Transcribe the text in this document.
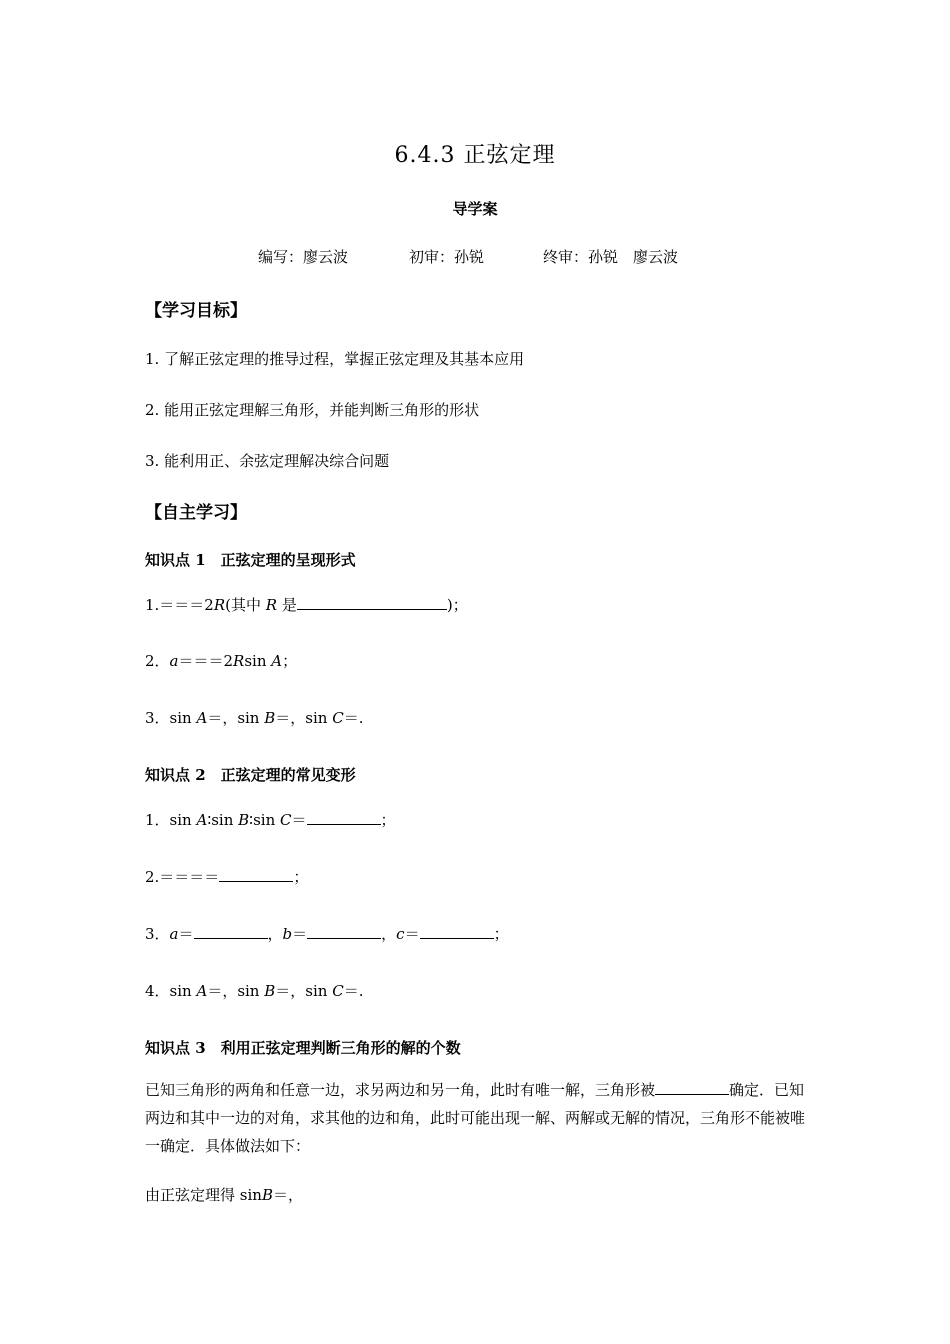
6.4.3 正弦定理
导学案
编写：廖云波	初审：孙锐	终审：孙锐　廖云波
【学习目标】
1. 了解正弦定理的推导过程，掌握正弦定理及其基本应用
2. 能用正弦定理解三角形，并能判断三角形的形状
3. 能利用正、余弦定理解决综合问题
【自主学习】
知识点 1　正弦定理的呈现形式
1.＝＝＝2R(其中 R 是	)；
2．a＝＝＝2Rsin A；
3．sin A＝，sin B＝，sin C＝.
知识点 2　正弦定理的常见变形
1．sin A∶sin B∶sin C＝	；
2.＝＝＝＝	；
3．a＝	，b＝	，c＝	；
4．sin A＝，sin B＝，sin C＝.
知识点 3　利用正弦定理判断三角形的解的个数
已知三角形的两角和任意一边，求另两边和另一角，此时有唯一解，三角形被	确定．已知两边和其中一边的对角，求其他的边和角，此时可能出现一解、两解或无解的情况，三角形不能被唯一确定．具体做法如下：
由正弦定理得 sinB＝，
